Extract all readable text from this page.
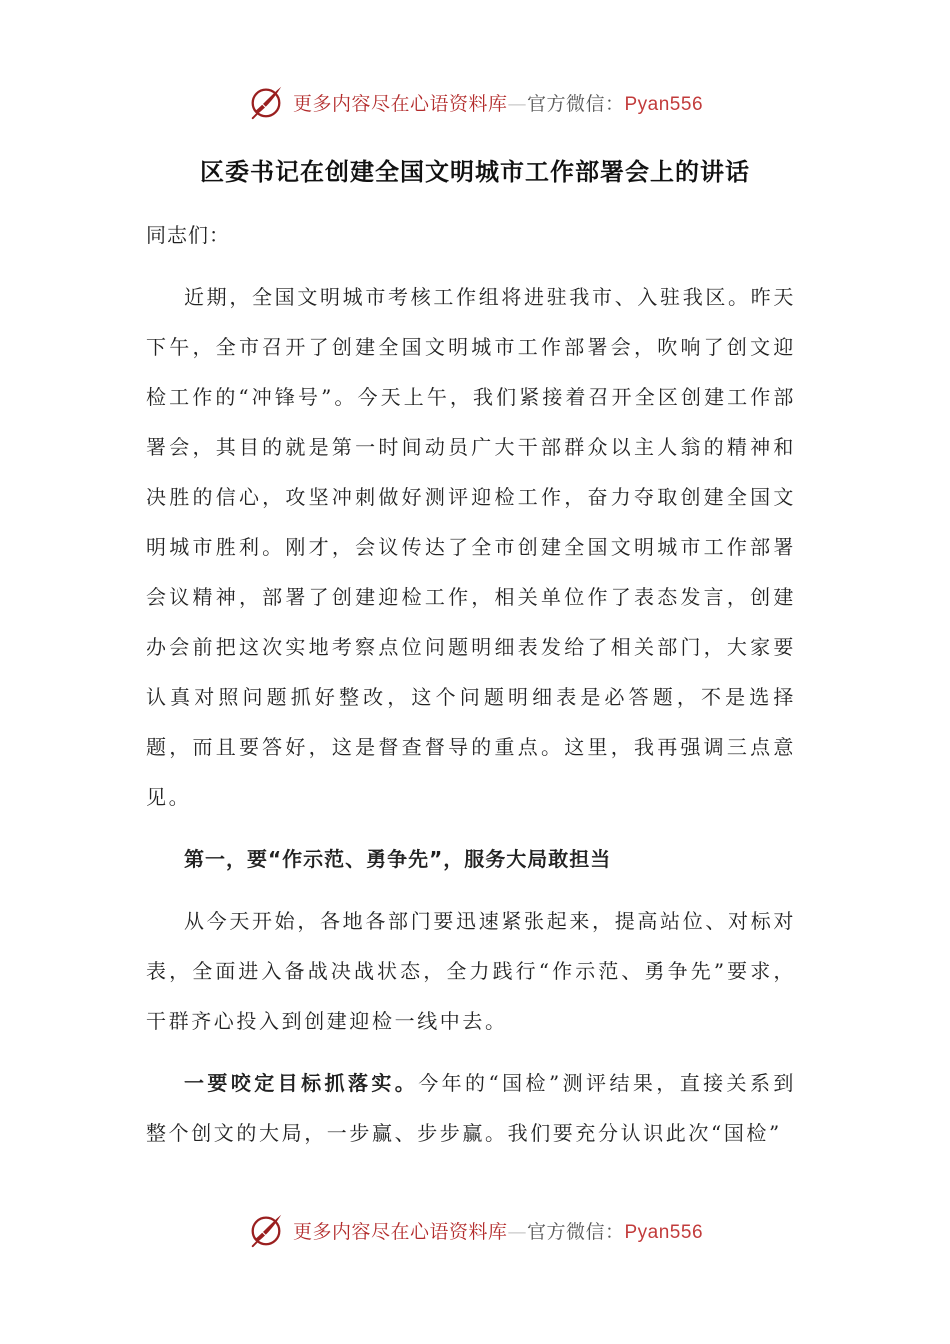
更多内容尽在心语资料库—官方微信：Pyan556
区委书记在创建全国文明城市工作部署会上的讲话

同志们：

近期，全国文明城市考核工作组将进驻我市、入驻我区。昨天下午，全市召开了创建全国文明城市工作部署会，吹响了创文迎检工作的“冲锋号”。今天上午，我们紧接着召开全区创建工作部署会，其目的就是第一时间动员广大干部群众以主人翁的精神和决胜的信心，攻坚冲刺做好测评迎检工作，奋力夺取创建全国文明城市胜利。刚才，会议传达了全市创建全国文明城市工作部署会议精神，部署了创建迎检工作，相关单位作了表态发言，创建办会前把这次实地考察点位问题明细表发给了相关部门，大家要认真对照问题抓好整改，这个问题明细表是必答题，不是选择题，而且要答好，这是督查督导的重点。这里，我再强调三点意见。

第一，要“作示范、勇争先”，服务大局敢担当

从今天开始，各地各部门要迅速紧张起来，提高站位、对标对表，全面进入备战决战状态，全力践行“作示范、勇争先”要求，干群齐心投入到创建迎检一线中去。

一要咬定目标抓落实。今年的“国检”测评结果，直接关系到整个创文的大局，一步赢、步步赢。我们要充分认识此次“国检”

更多内容尽在心语资料库—官方微信：Pyan556
